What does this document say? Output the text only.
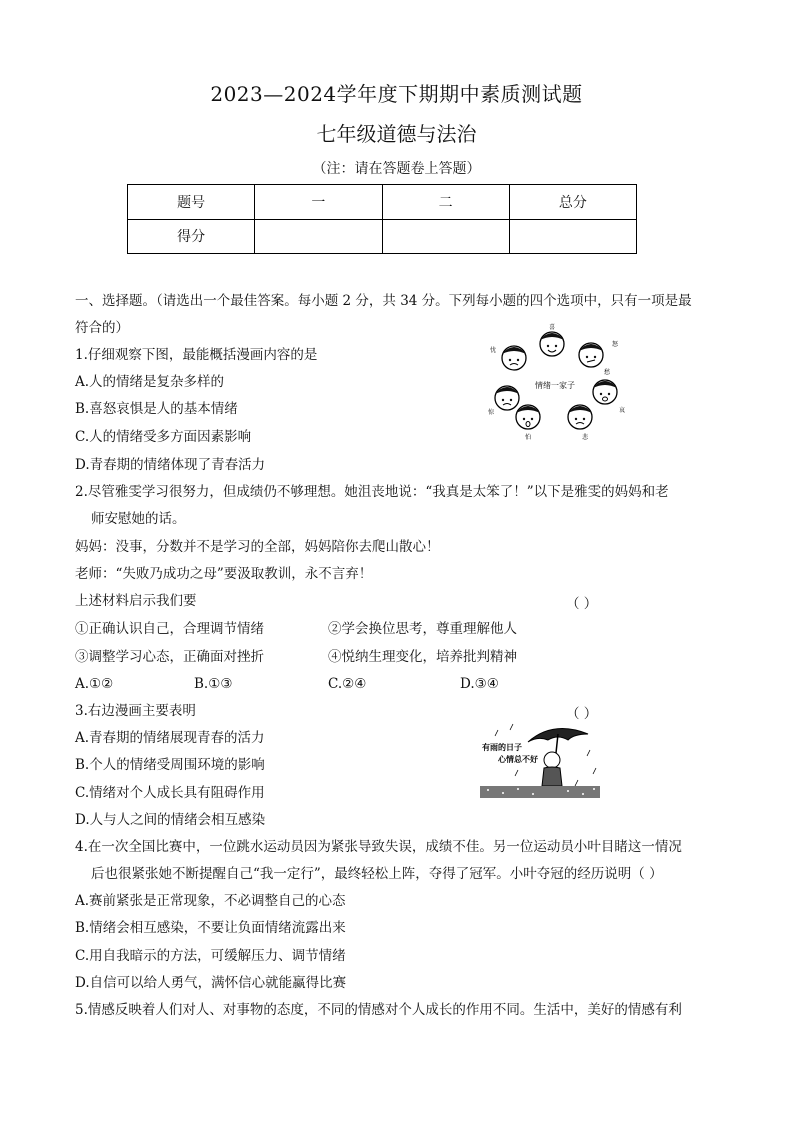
2023—2024学年度下期期中素质测试题
七年级道德与法治
（注：请在答题卷上答题）
题号	一	二	总分
得分			
一、选择题。（请选出一个最佳答案。每小题 2 分，共 34 分。下列每小题的四个选项中，只有一项是最
符合的）
1.仔细观察下图，最能概括漫画内容的是
A.人的情绪是复杂多样的
B.喜怒哀惧是人的基本情绪
C.人的情绪受多方面因素影响
D.青春期的情绪体现了青春活力
情绪一家子
喜
怒
忧
惊
怕
哀
悲
愁
2.尽管雅雯学习很努力，但成绩仍不够理想。她沮丧地说：“我真是太笨了！”以下是雅雯的妈妈和老
师安慰她的话。
妈妈：没事，分数并不是学习的全部，妈妈陪你去爬山散心！
老师：“失败乃成功之母”要汲取教训，永不言弃！
上述材料启示我们要	（ ）
①正确认识自己，合理调节情绪	②学会换位思考，尊重理解他人
③调整学习心态，正确面对挫折	④悦纳生理变化，培养批判精神
A.①②	B.①③	C.②④	D.③④
3.右边漫画主要表明	（ ）
A.青春期的情绪展现青春的活力
B.个人的情绪受周围环境的影响
C.情绪对个人成长具有阻碍作用
D.人与人之间的情绪会相互感染
有雨的日子
心情总不好
4.在一次全国比赛中，一位跳水运动员因为紧张导致失误，成绩不佳。另一位运动员小叶目睹这一情况
后也很紧张她不断提醒自己“我一定行”，最终轻松上阵，夺得了冠军。小叶夺冠的经历说明（ ）
A.赛前紧张是正常现象，不必调整自己的心态
B.情绪会相互感染，不要让负面情绪流露出来
C.用自我暗示的方法，可缓解压力、调节情绪
D.自信可以给人勇气，满怀信心就能赢得比赛
5.情感反映着人们对人、对事物的态度，不同的情感对个人成长的作用不同。生活中，美好的情感有利
